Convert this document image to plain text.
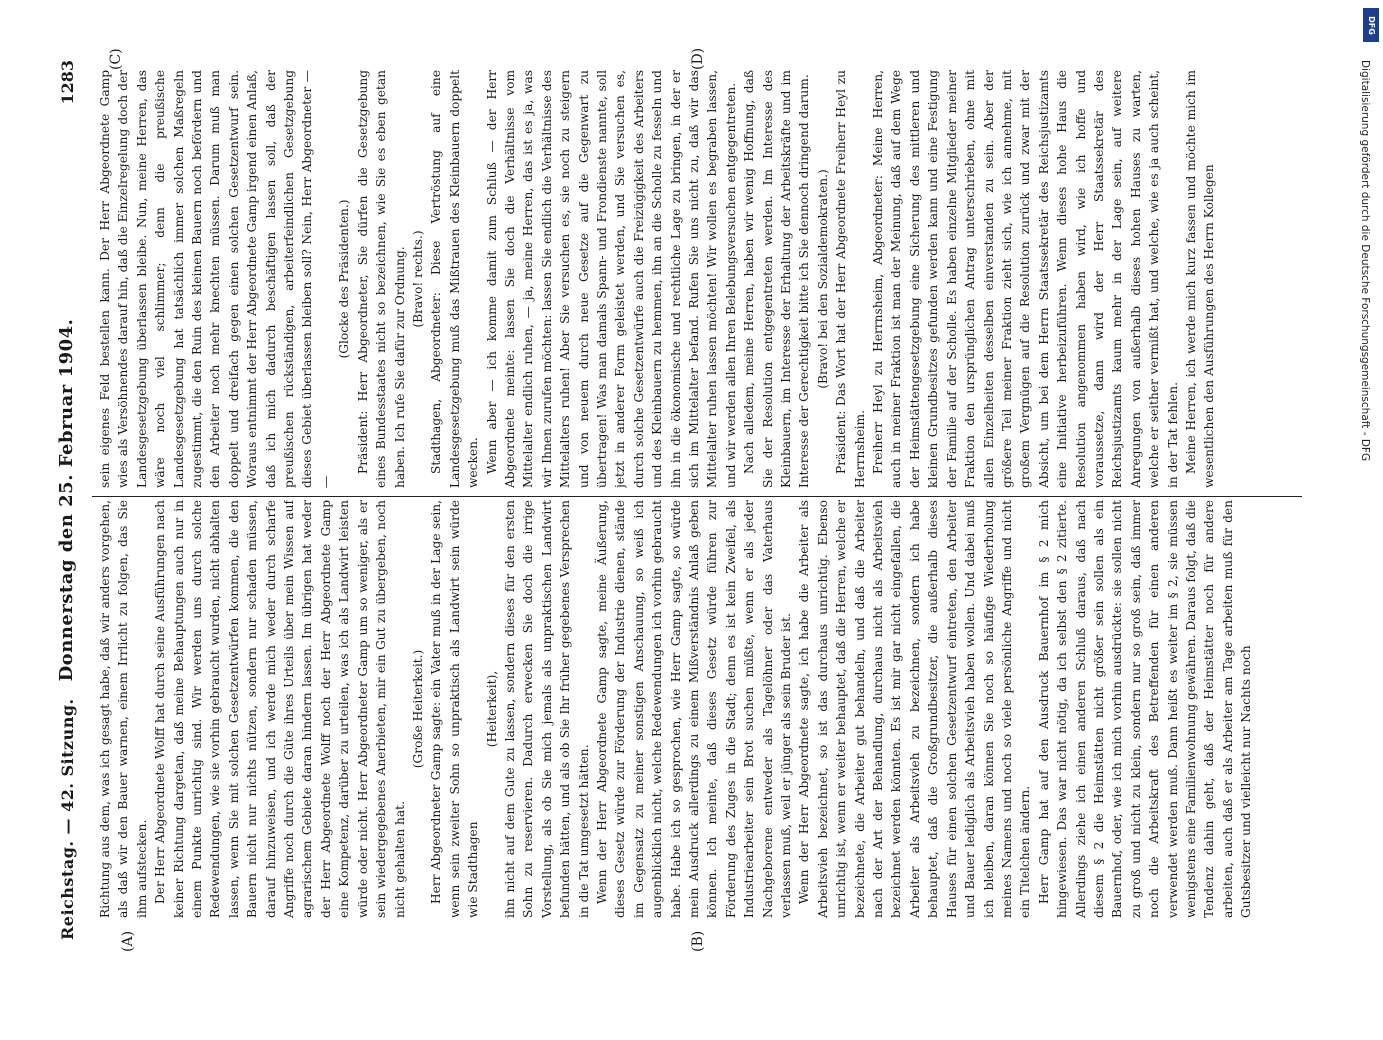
Reichstag. — 42. Sitzung.
Donnerstag den 25. Februar 1904.
1283
(A)	(B)
(C)	(D)

Richtung aus dem, was ich gesagt habe, daß wir anders vorgehen, als daß wir den Bauer warnen, einem Irrlicht zu folgen, das Sie ihm aufstecken. Der Herr Abgeordnete Wolff hat durch seine Ausführungen nach keiner Richtung dargetan, daß meine Behauptungen auch nur in einem Punkte unrichtig sind. Wir werden uns durch solche Redewendungen, wie sie vorhin gebraucht wurden, nicht abhalten lassen, wenn Sie mit solchen Gesetzentwürfen kommen, die den Bauern nicht nur nichts nützen, sondern nur schaden müssen, darauf hinzuweisen, und ich werde mich weder durch scharfe Angriffe noch durch die Güte ihres Urteils über mein Wissen auf agrarischem Gebiete daran hindern lassen. Im übrigen hat weder der Herr Abgeordnete Wolff noch der Herr Abgeordnete Gamp eine Kompetenz, darüber zu urteilen, was ich als Landwirt leisten würde oder nicht. Herr Abgeordneter Gamp um so weniger, als er sein wiedergegebenes Anerbieten, mir ein Gut zu übergeben, noch nicht gehalten hat.

(Große Heiterkeit.) Herr Abgeordneter Gamp sagte: ein Vater muß in der Lage sein, wenn sein zweiter Sohn so unpraktisch als Landwirt sein würde wie Stadthagen

(Heiterkeit), ihn nicht auf dem Gute zu lassen, sondern dieses für den ersten Sohn zu reservieren. Dadurch erwecken Sie doch die irrige Vorstellung, als ob Sie mich jemals als unpraktischen Landwirt befunden hätten, und als ob Sie Ihr früher gegebenes Versprechen in die Tat umgesetzt hätten. Wenn der Herr Abgeordnete Gamp sagte, meine Äußerung, dieses Gesetz würde zur Förderung der Industrie dienen, stände im Gegensatz zu meiner sonstigen Anschauung, so weiß ich augenblicklich nicht, welche Redewendungen ich vorhin gebraucht habe. Habe ich so gesprochen, wie Herr Gamp sagte, so würde mein Ausdruck allerdings zu einem Mißverständnis Anlaß geben können. Ich meinte, daß dieses Gesetz würde führen zur Förderung des Zuges in die Stadt; denn es ist kein Zweifel, als Industriearbeiter sein Brot suchen müßte, wenn er als jeder Nachgeborene entweder als Tagelöhner oder das Vaterhaus verlassen muß, weil er jünger als sein Bruder ist. Wenn der Herr Abgeordnete sagte, ich habe die Arbeiter als Arbeitsvieh bezeichnet, so ist das durchaus unrichtig. Ebenso unrichtig ist, wenn er weiter behauptet, daß die Herren, welche er bezeichnete, die Arbeiter gut behandeln, und daß die Arbeiter nach der Art der Behandlung, durchaus nicht als Arbeitsvieh bezeichnet werden könnten. Es ist mir gar nicht eingefallen, die Arbeiter als Arbeitsvieh zu bezeichnen, sondern ich habe behauptet, daß die Großgrundbesitzer, die außerhalb dieses Hauses für einen solchen Gesetzentwurf eintreten, den Arbeiter und Bauer lediglich als Arbeitsvieh haben wollen. Und dabei muß ich bleiben, daran können Sie noch so häufige Wiederholung meines Namens und noch so viele persönliche Angriffe und nicht ein Titelchen ändern. Herr Gamp hat auf den Ausdruck Bauernhof im § 2 mich hingewiesen. Das war nicht nötig, da ich selbst den § 2 zitierte. Allerdings ziehe ich einen anderen Schluß daraus, daß nach diesem § 2 die Heimstätten nicht größer sein sollen als ein Bauernhof, oder, wie ich mich vorhin ausdrückte: sie sollen nicht zu groß und nicht zu klein, sondern nur so groß sein, daß immer noch die Arbeitskraft des Betreffenden für einen anderen verwendet werden muß. Dann heißt es weiter im § 2, sie müssen wenigstens eine Familienwohnung gewähren. Daraus folgt, daß die Tendenz dahin geht, daß der Heimstätter noch für andere arbeiten, auch daß er als Arbeiter am Tage arbeiten muß für den Gutsbesitzer und vielleicht nur Nachts noch

sein eigenes Feld bestellen kann. Der Herr Abgeordnete Gamp wies als Versöhnendes darauf hin, daß die Einzelregelung doch der Landesgesetzgebung überlassen bleibe. Nun, meine Herren, das wäre noch viel schlimmer; denn die preußische Landesgesetzgebung hat tatsächlich immer solchen Maßregeln zugestimmt, die den Ruin des kleinen Bauern noch befördern und den Arbeiter noch mehr knechten müssen. Darum muß man doppelt und dreifach gegen einen solchen Gesetzentwurf sein. Woraus entnimmt der Herr Abgeordnete Gamp irgend einen Anlaß, daß ich mich dadurch beschäftigen lassen soll, daß der preußischen rückständigen, arbeiterfeindlichen Gesetzgebung dieses Gebiet überlassen bleiben soll? Nein, Herr Abgeordneter — —

(Glocke des Präsidenten.) Präsident: Herr Abgeordneter, Sie dürfen die Gesetzgebung eines Bundesstaates nicht so bezeichnen, wie Sie es eben getan haben. Ich rufe Sie dafür zur Ordnung. (Bravo! rechts.) Stadthagen, Abgeordneter: Diese Vertröstung auf eine Landesgesetzgebung muß das Mißtrauen des Kleinbauern doppelt wecken. Wenn aber — ich komme damit zum Schluß — der Herr Abgeordnete meinte: lassen Sie doch die Verhältnisse vom Mittelalter endlich ruhen, — ja, meine Herren, das ist es ja, was wir Ihnen zurufen möchten: lassen Sie endlich die Verhältnisse des Mittelalters ruhen! Aber Sie versuchen es, sie noch zu steigern und von neuem durch neue Gesetze auf die Gegenwart zu übertragen! Was man damals Spann- und Frondienste nannte, soll jetzt in anderer Form geleistet werden, und Sie versuchen es, durch solche Gesetzentwürfe auch die Freizügigkeit des Arbeiters und des Kleinbauern zu hemmen, ihn an die Scholle zu fesseln und ihn in die ökonomische und rechtliche Lage zu bringen, in der er sich im Mittelalter befand. Rufen Sie uns nicht zu, daß wir das Mittelalter ruhen lassen möchten! Wir wollen es begraben lassen, und wir werden allen Ihren Belebungsversuchen entgegentreten. Nach alledem, meine Herren, haben wir wenig Hoffnung, daß Sie der Resolution entgegentreten werden. Im Interesse des Kleinbauern, im Interesse der Erhaltung der Arbeitskräfte und im Interesse der Gerechtigkeit bitte ich Sie dennoch dringend darum. (Bravo! bei den Sozialdemokraten.) Präsident: Das Wort hat der Herr Abgeordnete Freiherr Heyl zu Herrnsheim. Freiherr Heyl zu Herrnsheim, Abgeordneter: Meine Herren, auch in meiner Fraktion ist man der Meinung, daß auf dem Wege der Heimstättengesetzgebung eine Sicherung des mittleren und kleinen Grundbesitzes gefunden werden kann und eine Festigung der Familie auf der Scholle. Es haben einzelne Mitglieder meiner Fraktion den ursprünglichen Antrag unterschrieben, ohne mit allen Einzelheiten desselben einverstanden zu sein. Aber der größere Teil meiner Fraktion zieht sich, wie ich annehme, mit großem Vergnügen auf die Resolution zurück und zwar mit der Absicht, um bei dem Herrn Staatssekretär des Reichsjustizamts eine Initiative herbeizuführen. Wenn dieses hohe Haus die Resolution angenommen haben wird, wie ich hoffe und voraussetze, dann wird der Herr Staatssekretär des Reichsjustizamts kaum mehr in der Lage sein, auf weitere Anregungen von außerhalb dieses hohen Hauses zu warten, welche er seither vermißt hat, und welche, wie es ja auch scheint, in der Tat fehlen. Meine Herren, ich werde mich kurz fassen und möchte mich im wesentlichen den Ausführungen des Herrn Kollegen	Digitalisierung gefördert durch die Deutsche Forschungsgemeinschaft - DFG
DFG
